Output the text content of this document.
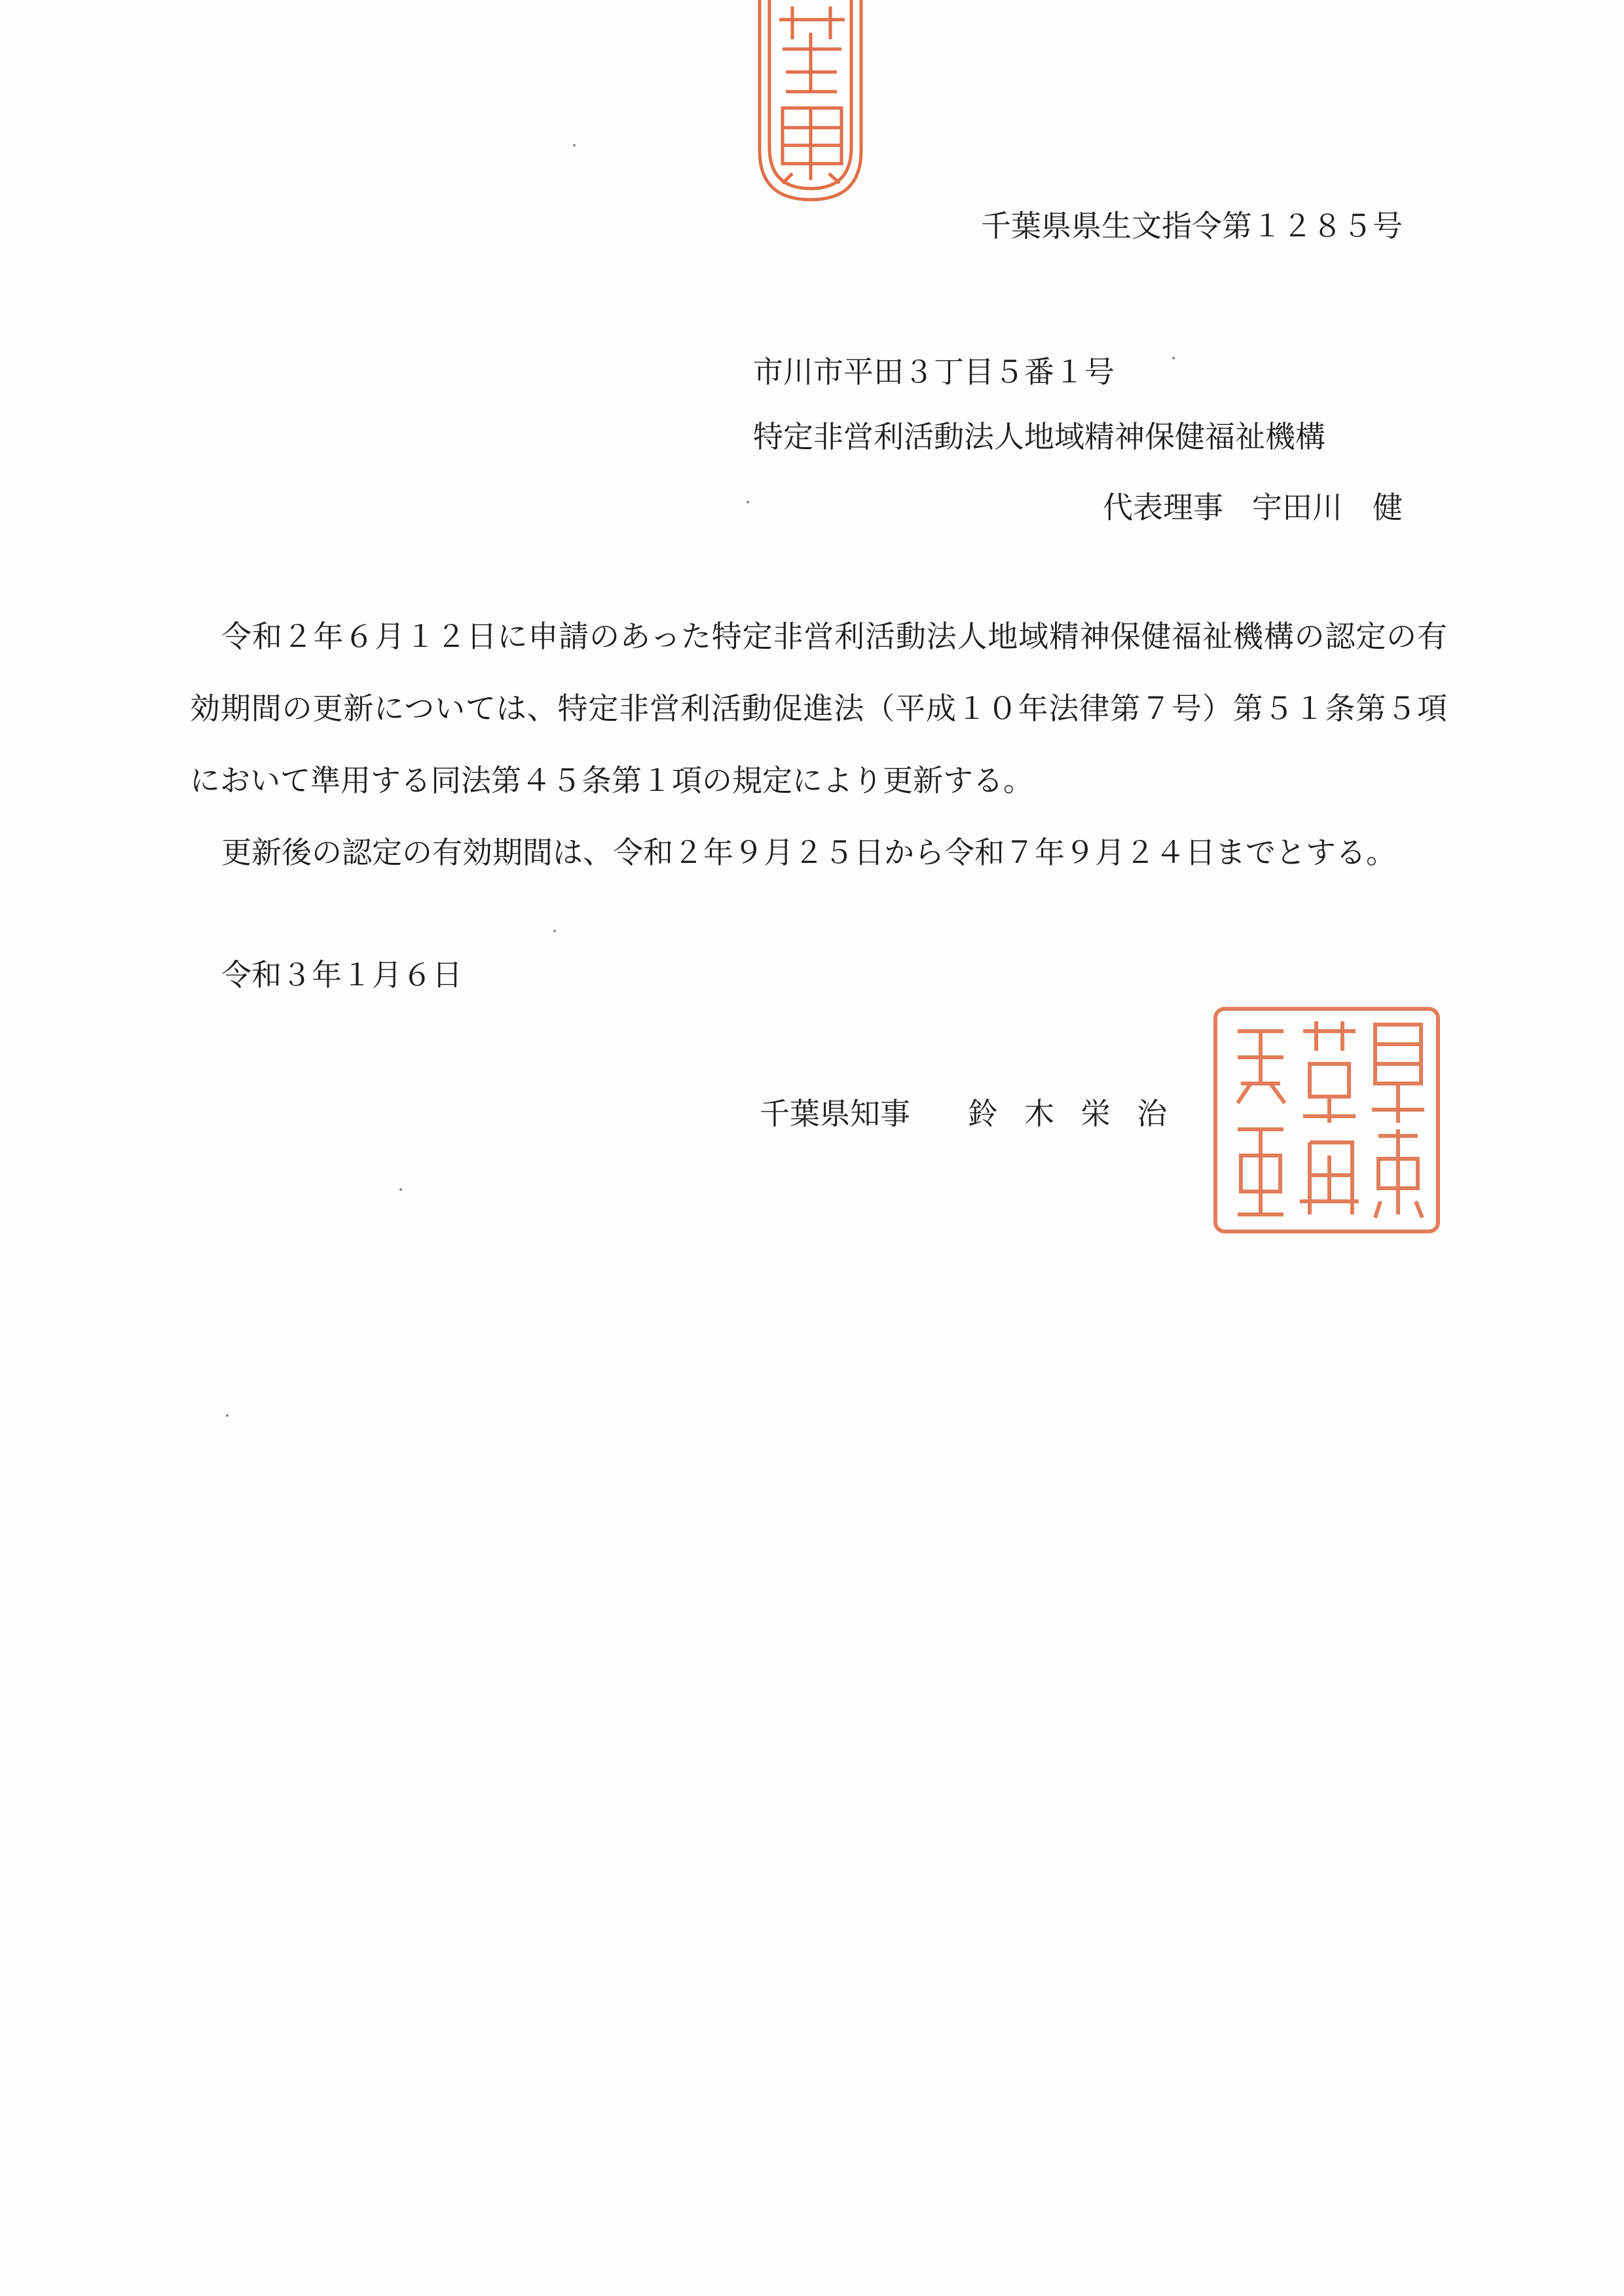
千葉県県生文指令第１２８５号
市川市平田３丁目５番１号
特定非営利活動法人地域精神保健福祉機構
代表理事 宇田川　健

令和２年６月１２日に申請のあった特定非営利活動法人地域精神保健福祉機構の認定の有効期間の更新については、特定非営利活動促進法（平成１０年法律第７号）第５１条第５項において準用する同法第４５条第１項の規定により更新する。

更新後の認定の有効期間は、令和２年９月２５日から令和７年９月２４日までとする。

令和３年１月６日
千葉県知事 鈴木栄治
